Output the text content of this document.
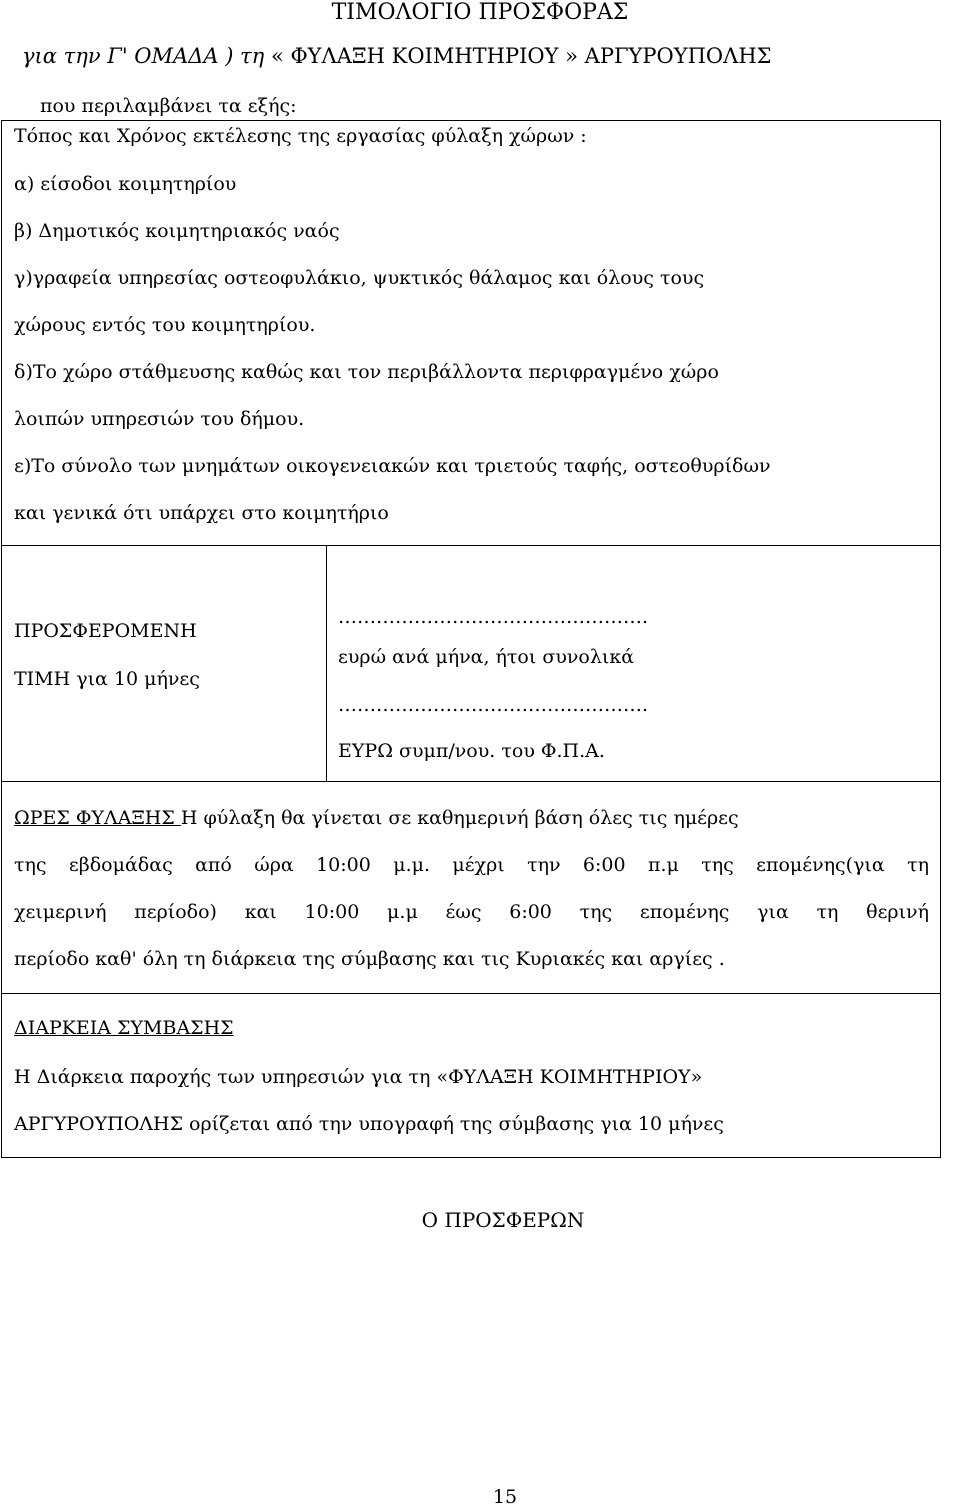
ΤΙΜΟΛΟΓΙΟ ΠΡΟΣΦΟΡΑΣ
για την Γ' ΟΜΑΔΑ ) τη « ΦΥΛΑΞΗ ΚΟΙΜΗΤΗΡΙΟΥ » ΑΡΓΥΡΟΥΠΟΛΗΣ
που περιλαμβάνει τα εξής:
Τόπος και Χρόνος εκτέλεσης της εργασίας φύλαξη χώρων :
α) είσοδοι κοιμητηρίου
β) Δημοτικός κοιμητηριακός ναός
γ)γραφεία υπηρεσίας οστεοφυλάκιο, ψυκτικός θάλαμος και όλους τους
χώρους εντός του κοιμητηρίου.
δ)Το χώρο στάθμευσης καθώς και τον περιβάλλοντα περιφραγμένο χώρο
λοιπών υπηρεσιών του δήμου.
ε)Το σύνολο των μνημάτων οικογενειακών και τριετούς ταφής, οστεοθυρίδων
και γενικά ότι υπάρχει στο κοιμητήριο
ΠΡΟΣΦΕΡΟΜΕΝΗ
ΤΙΜΗ για 10 μήνες
………………………………………….
ευρώ ανά μήνα, ήτοι συνολικά
………………………………………….
ΕΥΡΩ συμπ/νου. του Φ.Π.Α.
ΩΡΕΣ ΦΥΛΑΞΗΣ Η φύλαξη θα γίνεται σε καθημερινή βάση όλες τις ημέρες
της εβδομάδας από ώρα 10:00 μ.μ. μέχρι την 6:00 π.μ της επομένης(για τη
χειμερινή περίοδο) και 10:00 μ.μ έως 6:00 της επομένης για τη θερινή
περίοδο καθ' όλη τη διάρκεια της σύμβασης και τις Κυριακές και αργίες .
ΔΙΑΡΚΕΙΑ ΣΥΜΒΑΣΗΣ
Η Διάρκεια παροχής των υπηρεσιών για τη «ΦΥΛΑΞΗ ΚΟΙΜΗΤΗΡΙΟΥ»
ΑΡΓΥΡΟΥΠΟΛΗΣ ορίζεται από την υπογραφή της σύμβασης για 10 μήνες
Ο ΠΡΟΣΦΕΡΩΝ
15
